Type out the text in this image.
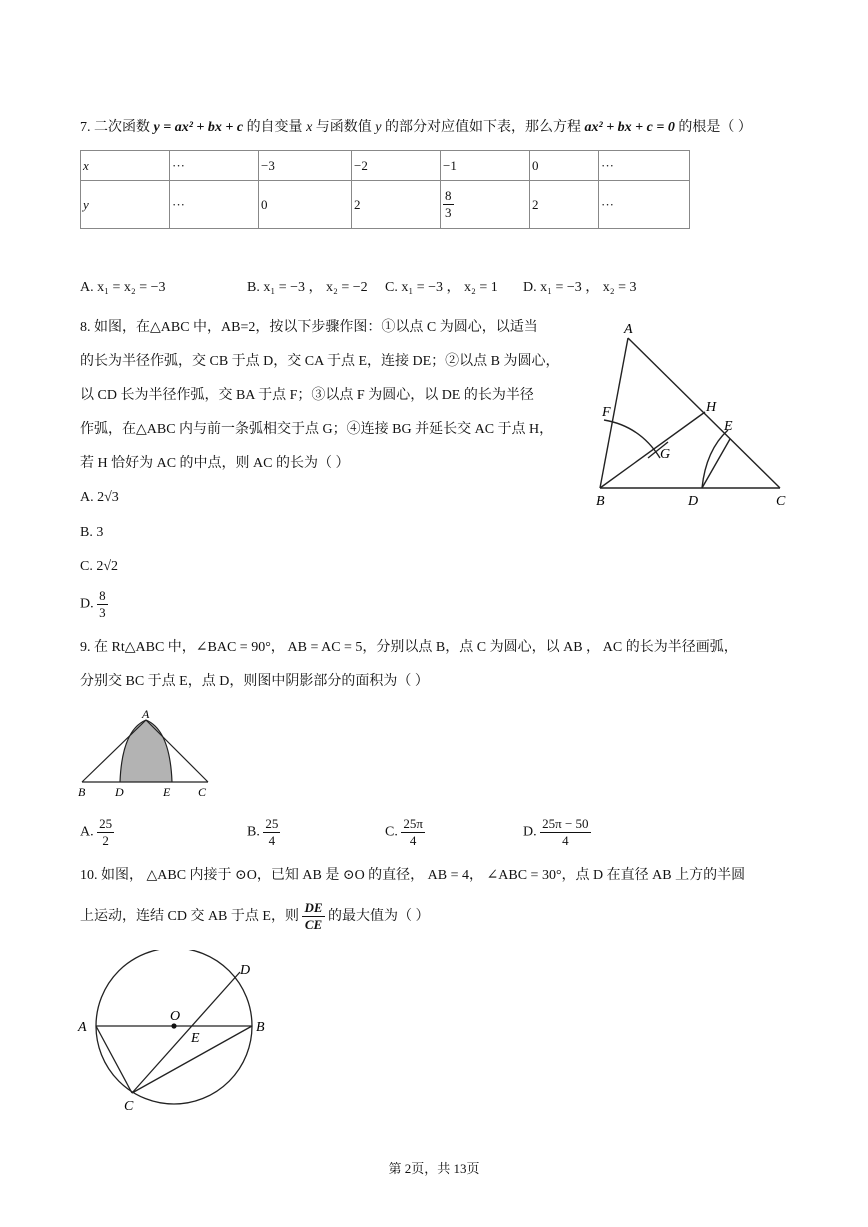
7. 二次函数 y = ax² + bx + c 的自变量 x 与函数值 y 的部分对应值如下表，那么方程 ax² + bx + c = 0 的根是（ ）
x	···	−3	−2	−1	0	···
y	···	0	2	$\frac{8}{3}$	2	···
A. x₁ = x₂ = −3	B. x₁ = −3 ， x₂ = −2 C. x₁ = −3 ， x₂ = 1 D. x₁ = −3 ， x₂ = 3
8. 如图，在△ABC 中，AB=2，按以下步骤作图：①以点 C 为圆心，以适当
的长为半径作弧，交 CB 于点 D，交 CA 于点 E，连接 DE；②以点 B 为圆心，
以 CD 长为半径作弧，交 BA 于点 F；③以点 F 为圆心，以 DE 的长为半径
作弧，在△ABC 内与前一条弧相交于点 G；④连接 BG 并延长交 AC 于点 H，
若 H 恰好为 AC 的中点，则 AC 的长为（ ）
A. 2√3
B. 3
C. 2√2
D. $\frac{8}{3}$
A
B	C
D
E
F
G
H
9. 在 Rt△ABC 中，∠BAC = 90°， AB = AC = 5，分别以点 B，点 C 为圆心，以 AB ， AC 的长为半径画弧，
分别交 BC 于点 E，点 D，则图中阴影部分的面积为（ ）
A
B D	E C
A. $\frac{25}{2}$	B. $\frac{25}{4}$	C. $\frac{25\pi}{4}$	D. $\frac{25\pi - 50}{4}$
10. 如图， △ABC 内接于 ⊙O，已知 AB 是 ⊙O 的直径， AB = 4， ∠ABC = 30°，点 D 在直径 AB 上方的半圆
上运动，连结 CD 交 AB 于点 E，则 $\frac{DE}{CE}$ 的最大值为（ ）
A	B
C
D
E
O
第 2页，共 13页
